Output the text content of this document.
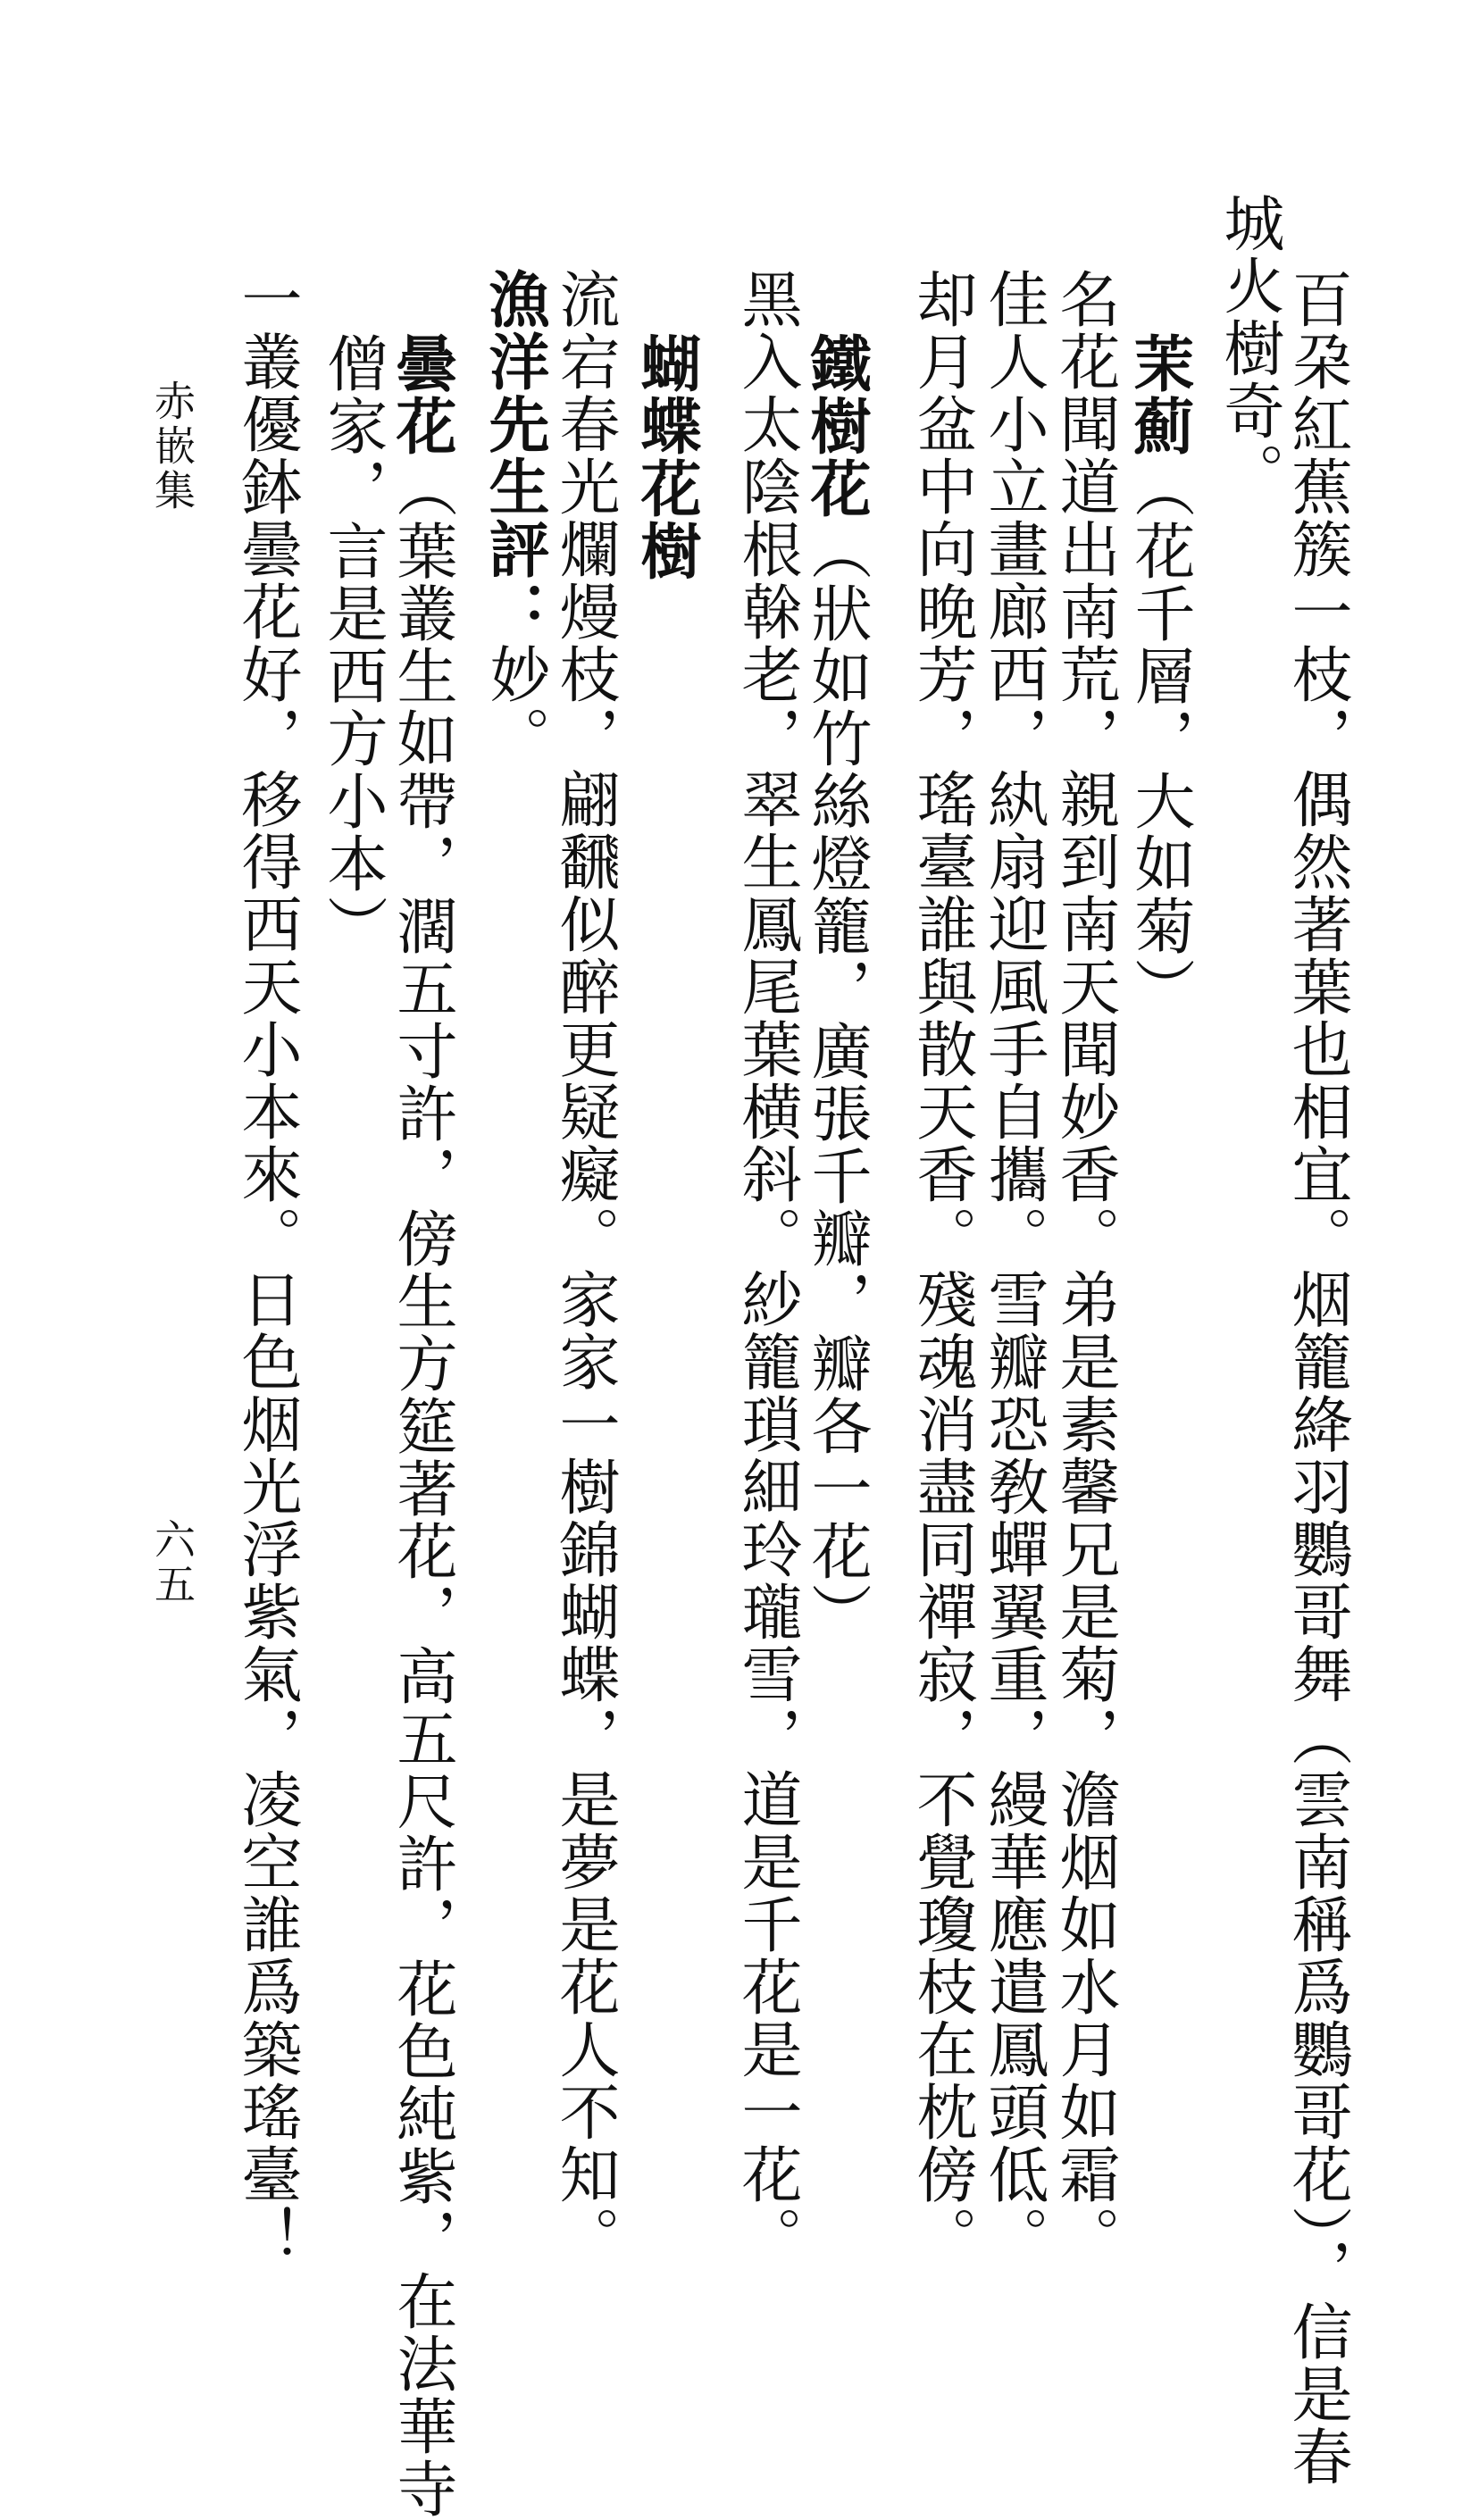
百朶紅蕉簇一枝，偶然著葉也相宜。烟籠絳羽鸚哥舞（雲南稱爲鸚哥花），信是春
城火樹奇。
茉薊（花千層，大如菊）
名花聞道出南荒，親到南天聞妙香。弟是素馨兄是菊，澹烟如水月如霜。
佳人小立畫廊西，紈扇迎風手自攜。雪瓣恐敎蟬翼重，縵華應遣鳳頭低。
却月盆中向晚芳，瑤臺誰與散天香。殘魂消盡同禪寂，不覺瓊枝在枕傍。
鐵樹花（狀如竹絲燈籠，廣張千瓣，瓣各一花）
黑入太陰根榦老，翠生鳳尾葉横斜。紗籠瑣細玲瓏雪，道是千花是一花。
蝴蝶花樹
流宕春光爛熳枝，翩飜似醉更疑癡。家家一樹錦蝴蝶，是夢是花人不知。
漁洋先生評：妙。
曇花（葉叢生如帶，濶五寸許，傍生方筵著花，高五尺許，花色純紫，在法華寺
僧家，言是西方小本）
一叢優鉢曇花好，移得西天小本來。日色烟光浮紫氣，凌空誰爲築瑤臺！
赤嵌集
六五
